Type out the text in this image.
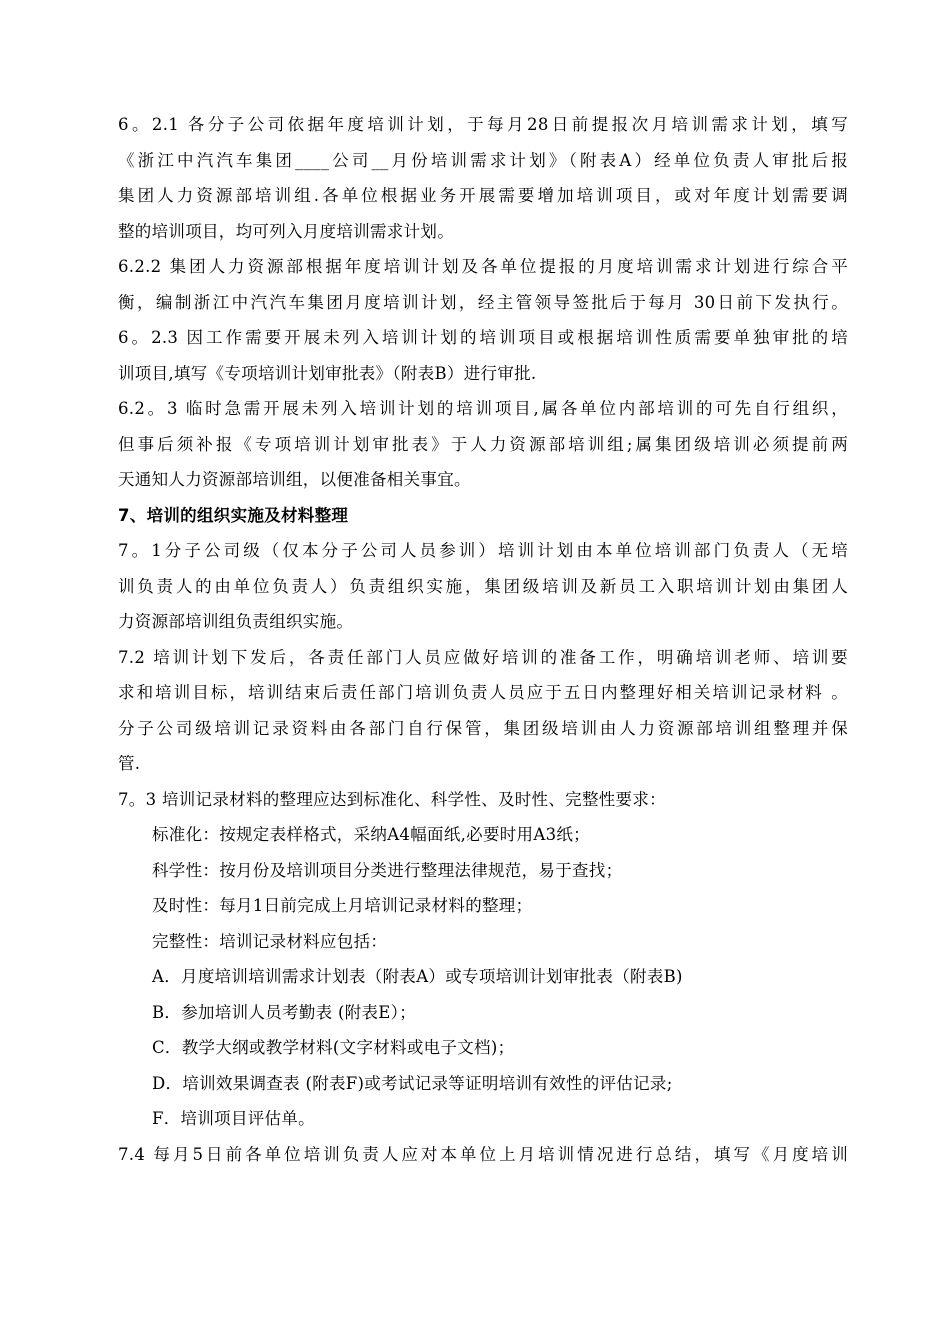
6。2.1 各分子公司依据年度培训计划，于每月28日前提报次月培训需求计划，填写
《浙江中汽汽车集团____公司__月份培训需求计划》（附表A）经单位负责人审批后报
集团人力资源部培训组.各单位根据业务开展需要增加培训项目，或对年度计划需要调
整的培训项目，均可列入月度培训需求计划。
6.2.2 集团人力资源部根据年度培训计划及各单位提报的月度培训需求计划进行综合平
衡，编制浙江中汽汽车集团月度培训计划，经主管领导签批后于每月 30日前下发执行。
6。2.3 因工作需要开展未列入培训计划的培训项目或根据培训性质需要单独审批的培
训项目,填写《专项培训计划审批表》（附表B）进行审批.
6.2。3 临时急需开展未列入培训计划的培训项目,属各单位内部培训的可先自行组织，
但事后须补报《专项培训计划审批表》于人力资源部培训组;属集团级培训必须提前两
天通知人力资源部培训组，以便准备相关事宜。
7、培训的组织实施及材料整理
7。1分子公司级（仅本分子公司人员参训）培训计划由本单位培训部门负责人（无培
训负责人的由单位负责人）负责组织实施，集团级培训及新员工入职培训计划由集团人
力资源部培训组负责组织实施。
7.2 培训计划下发后，各责任部门人员应做好培训的准备工作，明确培训老师、培训要
求和培训目标，培训结束后责任部门培训负责人员应于五日内整理好相关培训记录材料 。
分子公司级培训记录资料由各部门自行保管，集团级培训由人力资源部培训组整理并保
管.
7。3 培训记录材料的整理应达到标准化、科学性、及时性、完整性要求：
标准化：按规定表样格式，采纳A4幅面纸,必要时用A3纸；
科学性：按月份及培训项目分类进行整理法律规范，易于查找；
及时性：每月1日前完成上月培训记录材料的整理；
完整性：培训记录材料应包括：
A．月度培训培训需求计划表（附表A）或专项培训计划审批表（附表B)
B．参加培训人员考勤表 (附表E）；
C．教学大纲或教学材料(文字材料或电子文档)；
D．培训效果调查表 (附表F)或考试记录等证明培训有效性的评估记录;
F．培训项目评估单。
7.4 每月5日前各单位培训负责人应对本单位上月培训情况进行总结，填写《月度培训
